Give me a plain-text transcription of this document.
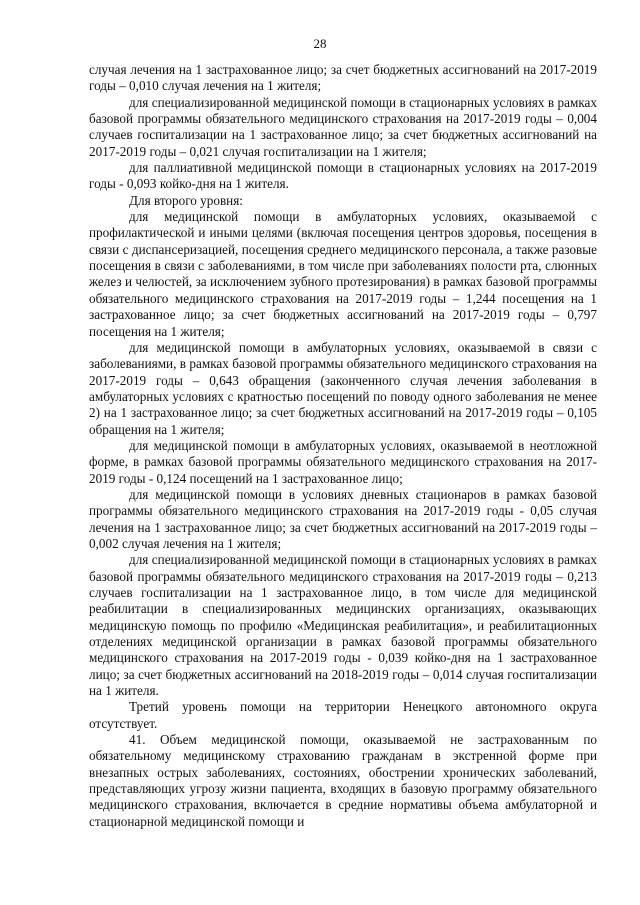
28

случая лечения на 1 застрахованное лицо; за счет бюджетных ассигнований на 2017-2019 годы – 0,010 случая лечения на 1 жителя;

для специализированной медицинской помощи в стационарных условиях в рамках базовой программы обязательного медицинского страхования на 2017-2019 годы – 0,004 случаев госпитализации на 1 застрахованное лицо; за счет бюджетных ассигнований на 2017-2019 годы – 0,021 случая госпитализации на 1 жителя;

для паллиативной медицинской помощи в стационарных условиях на 2017-2019 годы - 0,093 койко-дня на 1 жителя.

Для второго уровня:

для медицинской помощи в амбулаторных условиях, оказываемой с профилактической и иными целями (включая посещения центров здоровья, посещения в связи с диспансеризацией, посещения среднего медицинского персонала, а также разовые посещения в связи с заболеваниями, в том числе при заболеваниях полости рта, слюнных желез и челюстей, за исключением зубного протезирования) в рамках базовой программы обязательного медицинского страхования на 2017-2019 годы – 1,244 посещения на 1 застрахованное лицо; за счет бюджетных ассигнований на 2017-2019 годы – 0,797 посещения на 1 жителя;

для медицинской помощи в амбулаторных условиях, оказываемой в связи с заболеваниями, в рамках базовой программы обязательного медицинского страхования на 2017-2019 годы – 0,643 обращения (законченного случая лечения заболевания в амбулаторных условиях с кратностью посещений по поводу одного заболевания не менее 2) на 1 застрахованное лицо; за счет бюджетных ассигнований на 2017-2019 годы – 0,105 обращения на 1 жителя;

для медицинской помощи в амбулаторных условиях, оказываемой в неотложной форме, в рамках базовой программы обязательного медицинского страхования на 2017-2019 годы - 0,124 посещений на 1 застрахованное лицо;

для медицинской помощи в условиях дневных стационаров в рамках базовой программы обязательного медицинского страхования на 2017-2019 годы - 0,05 случая лечения на 1 застрахованное лицо; за счет бюджетных ассигнований на 2017-2019 годы – 0,002 случая лечения на 1 жителя;

для специализированной медицинской помощи в стационарных условиях в рамках базовой программы обязательного медицинского страхования на 2017-2019 годы – 0,213 случаев госпитализации на 1 застрахованное лицо, в том числе для медицинской реабилитации в специализированных медицинских организациях, оказывающих медицинскую помощь по профилю «Медицинская реабилитация», и реабилитационных отделениях медицинской организации в рамках базовой программы обязательного медицинского страхования на 2017-2019 годы - 0,039 койко-дня на 1 застрахованное лицо; за счет бюджетных ассигнований на 2018-2019 годы – 0,014 случая госпитализации на 1 жителя.

Третий уровень помощи на территории Ненецкого автономного округа отсутствует.

41. Объем медицинской помощи, оказываемой не застрахованным по обязательному медицинскому страхованию гражданам в экстренной форме при внезапных острых заболеваниях, состояниях, обострении хронических заболеваний, представляющих угрозу жизни пациента, входящих в базовую программу обязательного медицинского страхования, включается в средние нормативы объема амбулаторной и стационарной медицинской помощи и
